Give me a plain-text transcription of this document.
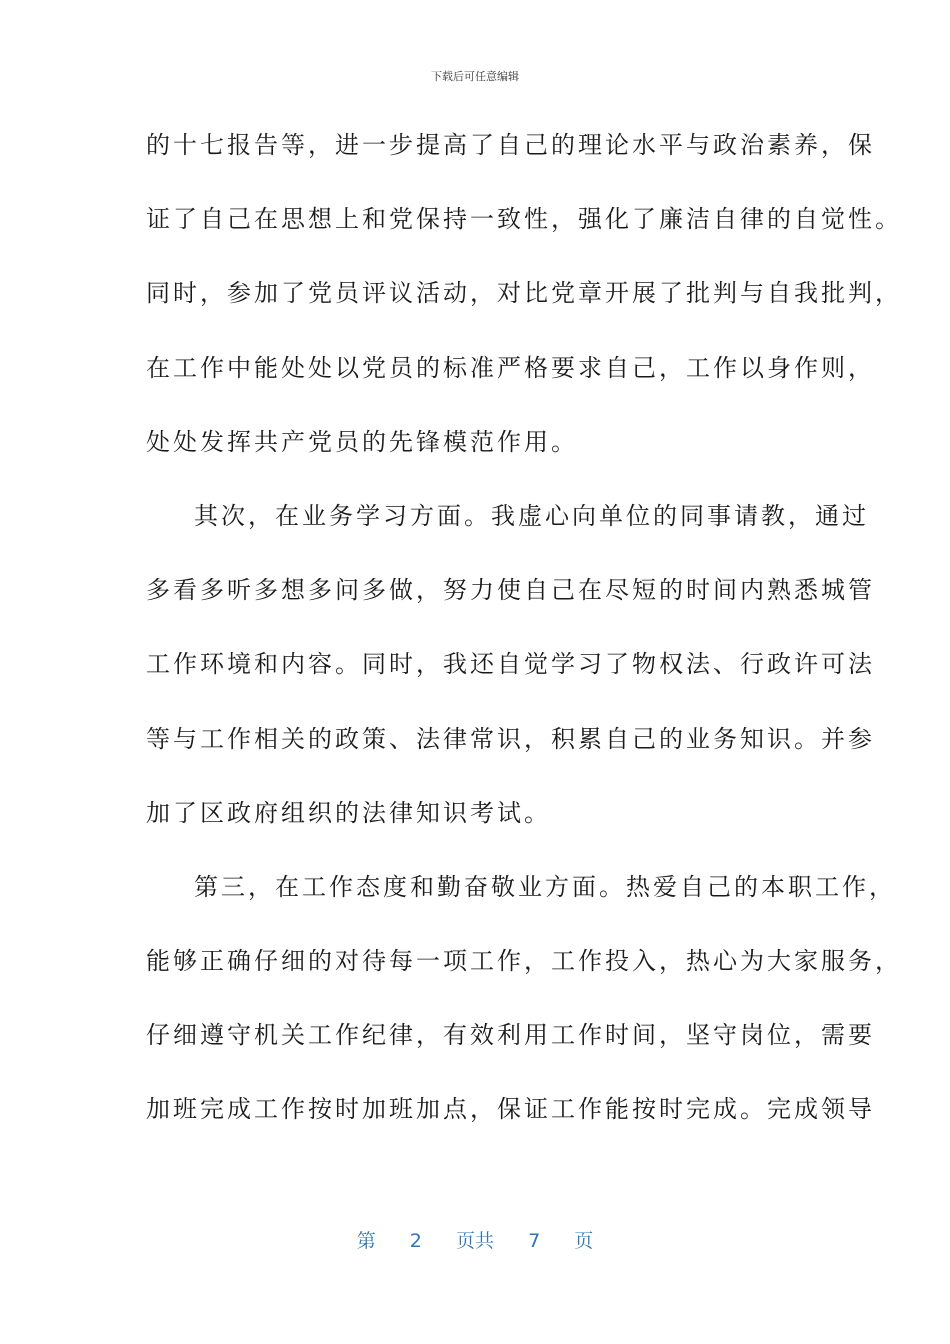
下载后可任意编辑
的十七报告等，进一步提高了自己的理论水平与政治素养，保
证了自己在思想上和党保持一致性，强化了廉洁自律的自觉性。
同时，参加了党员评议活动，对比党章开展了批判与自我批判，
在工作中能处处以党员的标准严格要求自己，工作以身作则，
处处发挥共产党员的先锋模范作用。
其次，在业务学习方面。我虚心向单位的同事请教，通过
多看多听多想多问多做，努力使自己在尽短的时间内熟悉城管
工作环境和内容。同时，我还自觉学习了物权法、行政许可法
等与工作相关的政策、法律常识，积累自己的业务知识。并参
加了区政府组织的法律知识考试。
第三，在工作态度和勤奋敬业方面。热爱自己的本职工作，
能够正确仔细的对待每一项工作，工作投入，热心为大家服务，
仔细遵守机关工作纪律，有效利用工作时间，坚守岗位，需要
加班完成工作按时加班加点，保证工作能按时完成。完成领导
第 2 页共 7 页
